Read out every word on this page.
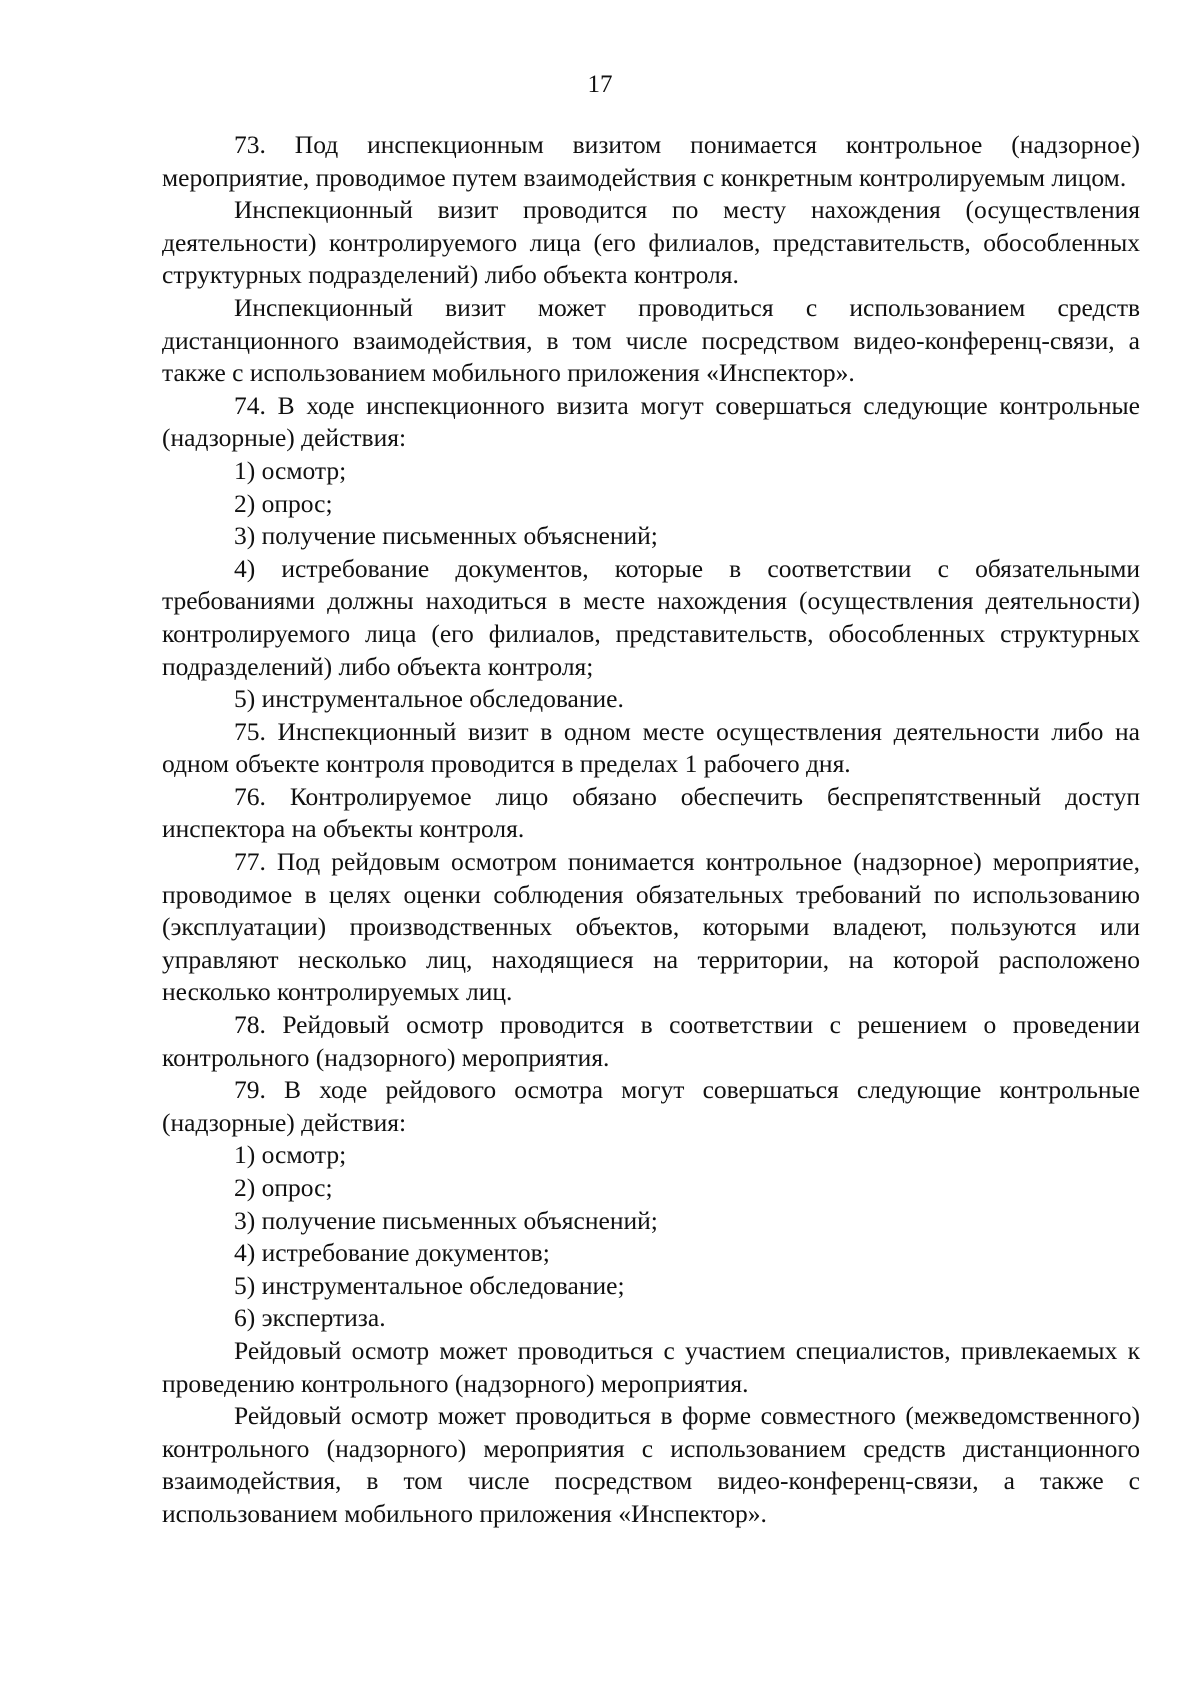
17

73. Под инспекционным визитом понимается контрольное (надзорное) мероприятие, проводимое путем взаимодействия с конкретным контролируемым лицом.

Инспекционный визит проводится по месту нахождения (осуществления деятельности) контролируемого лица (его филиалов, представительств, обособленных структурных подразделений) либо объекта контроля.

Инспекционный визит может проводиться с использованием средств дистанционного взаимодействия, в том числе посредством видео-конференц-связи, а также с использованием мобильного приложения «Инспектор».

74. В ходе инспекционного визита могут совершаться следующие контрольные (надзорные) действия:

1) осмотр;

2) опрос;

3) получение письменных объяснений;

4) истребование документов, которые в соответствии с обязательными требованиями должны находиться в месте нахождения (осуществления деятельности) контролируемого лица (его филиалов, представительств, обособленных структурных подразделений) либо объекта контроля;

5) инструментальное обследование.

75. Инспекционный визит в одном месте осуществления деятельности либо на одном объекте контроля проводится в пределах 1 рабочего дня.

76. Контролируемое лицо обязано обеспечить беспрепятственный доступ инспектора на объекты контроля.

77. Под рейдовым осмотром понимается контрольное (надзорное) мероприятие, проводимое в целях оценки соблюдения обязательных требований по использованию (эксплуатации) производственных объектов, которыми владеют, пользуются или управляют несколько лиц, находящиеся на территории, на которой расположено несколько контролируемых лиц.

78. Рейдовый осмотр проводится в соответствии с решением о проведении контрольного (надзорного) мероприятия.

79. В ходе рейдового осмотра могут совершаться следующие контрольные (надзорные) действия:

1) осмотр;

2) опрос;

3) получение письменных объяснений;

4) истребование документов;

5) инструментальное обследование;

6) экспертиза.

Рейдовый осмотр может проводиться с участием специалистов, привлекаемых к проведению контрольного (надзорного) мероприятия.

Рейдовый осмотр может проводиться в форме совместного (межведомственного) контрольного (надзорного) мероприятия с использованием средств дистанционного взаимодействия, в том числе посредством видео-конференц-связи, а также с использованием мобильного приложения «Инспектор».
